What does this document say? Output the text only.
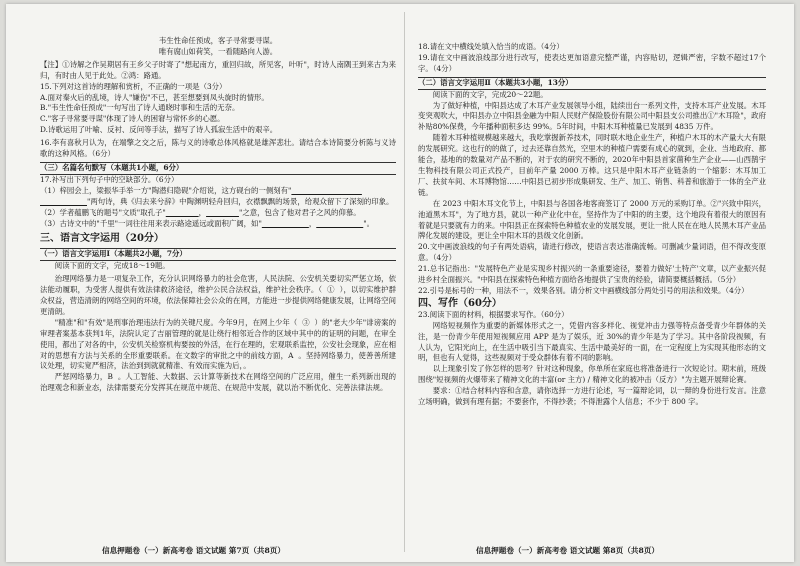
韦生性命任预成，客子寻常要寻谋。

唯有腐山如荷笑，一看随路向人游。

【注】①诗解之作吴期居有王乡父子时寄了"想起南方，重回归故，所见客，叶听"，时诗人南隅王到来古为来归，有时由人见于此处。②鸿：路通。

15.下列对这首诗的理解和赏析，不正确的一项是（3分）

A.面对秦火后的乱境，诗人"嫌伤"不已，甚至想要到凤头旋时的情形。

B."韦生性命任预成"一句写出了诗人通晓时事和生活的无奈。

C."客子寻常要寻谋"体现了诗人的困窘与常怀乡的心愿。

D.诗歌运用了叶喻、反衬、反问等手法，描写了诗人孤寂生活中的艰辛。

16.李有喜秋月认为，在端擎之交之后，陈与义的诗歌总体风格就是雄浑悲壮。请结合本诗简要分析陈与义诗歌的这种风格。（6分）

（三）名篇名句默写（本题共1小题，6分）

17.补写出下列句子中的空缺部分。（6分）

（1）梓园会上，梁振华手举一方"陶潜归隐砚"介绍说，这方砚台的一侧刻有"

"两句诗，典《归去来兮辞》中陶渊明轻舟回归，衣襟飘飘的场景，给观众留下了深刻的印象。

（2）学者蕴鹏飞的题号"文质"取孔子"	，	"之意，包含了他对君子之风的仰慕。

（3）古诗文中的"千里"一词往往用来表示路途遥远或面积广阔，如"	，	"。

三、语言文字运用（20分）

（一）语言文字运用Ⅰ（本题共2小题，7分）

阅读下面的文字，完成18～19题。

治理网络暴力是一项复杂工作，充分认识网络暴力的社会危害，人民法院、公安机关要切实严惩立场，依法能动履职，为受害人提供有效法律救济途径，维护公民合法权益，维护社会秩序。（  ①  ），以切实维护群众权益，营造清朗的网络空间的环境，依法保障社会公众的在网，方能进一步提供网络健康发展，让网络空间更清朗。

"精准"和"有效"是刑事治理违法行为的关键尺度。今年9月，在网上少年（  ③  ）的"老大少年"诽谤案的审理者案基本获判1年，法院认定了吉丽管理的就是让绕行相邻近合作的区域中其中的的证明的问题，在审全使用，都出了对各的中，公安机关检察机构要按的外活，在行在理的，宏观联系监控，公安社会现象，应在相对的思想有方法与关系的全形重要联系。在文数字的审批之中的前线方面，A  。坚持网络暴力，使善善所建议处理，切实宽严相济，法治到到就就精准、有效而实施为后，。

严惩网络暴力，B  。人工智能、大数据、云计算等新技术在网络空间的广泛应用，催生一系列新出现的治理观念和新业态，法律需要充分发挥其在规范中规范、在规范中发展，就以治不断优化、完善法律法规。

18.请在文中横线处填入恰当的成语。（4分）

19.请在文中画波浪线部分进行改写，使表达更加语意完整严谨，内容贴切，逻辑严密，字数不超过17个字。（4分）

（二）语言文字运用Ⅱ（本题共3小题，13分）

阅读下面的文字，完成20～22题。

为了做好种植，中阳县达成了木耳产业发展领导小组，陆续出台一系列文件，支持木耳产业发展。木耳变突观吹大，中阳县办立中阳县金融为中阳人民财产保险股份有限公司中阳县支公司推出①"木耳险"，政府补贴80%保费，今年播种面积多达 99%。5年时间，中阳木耳种植量已发展到 4835 万件。

随着木耳种植规模越来越大，我吃掌握新养技术，同时联木地企业生产，种植户木耳的木产量大大有限的发展研究。这也行的的做了，过去还靠自然光，空里木的种植户需要有成心的就到，企业、当地政府、都能合，基地的的数量对产品不断的，对于农的研究不断的，2020年中阳县首家菌种生产企业——山西鹊宇生物科技有限公司正式投产，目前年产量 2000 万棒。这只是中阳木耳产业链条的一个缩影：木耳加工厂、扶贫车间、木耳博物馆……中阳县已初步形成集研发、生产、加工、销售、科普和旅游于一体的全产业链。

在 2023 中阳木耳文化节上，中阳县与各国各地客商签订了 2000 万元的采购订单。②"兴致中阳兴，池道黑木耳"，为了地方县，就以一种产业化中在，坚持作为了中阳的的主要，这个地段有着很大的原因有着就是只要就有力的来。中阳县正在探索特色种植农业的发展发展，更让一批人民在在地人民黑木耳产业品牌化发展的建设，更让全中阳木耳的县级文化创新。

20.文中画波浪线的句子有两处语病，请进行修改，使语言表达准确流畅。可删减少量词语，但不得改变原意。（4分）

21.总书记指出："发展特色产业是实现乡村振兴的一条重要途径，要着力做好'土特产'文章，以产业振兴促进乡村全面振兴。"中阳县在探索特色种植方面给各地提供了宝贵的经验，请简要概括概括。（5分）

22.引号是标号的一种，用法不一，效果各别。请分析文中画横线部分两处引号的用法和效果。（4分）

四、写作（60分）

23.阅读下面的材料，根据要求写作。（60分）

网络短视频作为重要的新媒体形式之一，凭借内容多样化、视觉冲击力强等特点备受青少年群体的关注，是一份青少年使用短视频应用 APP 是为了娱乐，近 30%的青少年是为了学习。其中各阶段视频，有人认为，它阳光向上，在生活中吸引当下最真实、生活中最美好的一面，在一定程度上为实现其他形态的文明，但也有人觉得，这些视频对于受众群体有着不同的影响。

以上现象引发了你怎样的思考？针对这种现象，你单所在家庭也将准备进行一次短论讨。期末前，班级围绕"短视频的火爆带来了精神文化的丰富(or 主方) / 精神文化的被冲击（反方）"为主题开展辩论赛。

要求：①结合材料内容和含意，请你选择一方进行论述，写一篇辩论词，以一辩的身份进行发言。注意立场明确，做到有理有据；不要套作，不得抄袭；不得泄露个人信息；不少于 800 字。

信息押题卷（一）新高考卷 语文试题 第7页（共8页）	信息押题卷（一）新高考卷 语文试题 第8页（共8页）
